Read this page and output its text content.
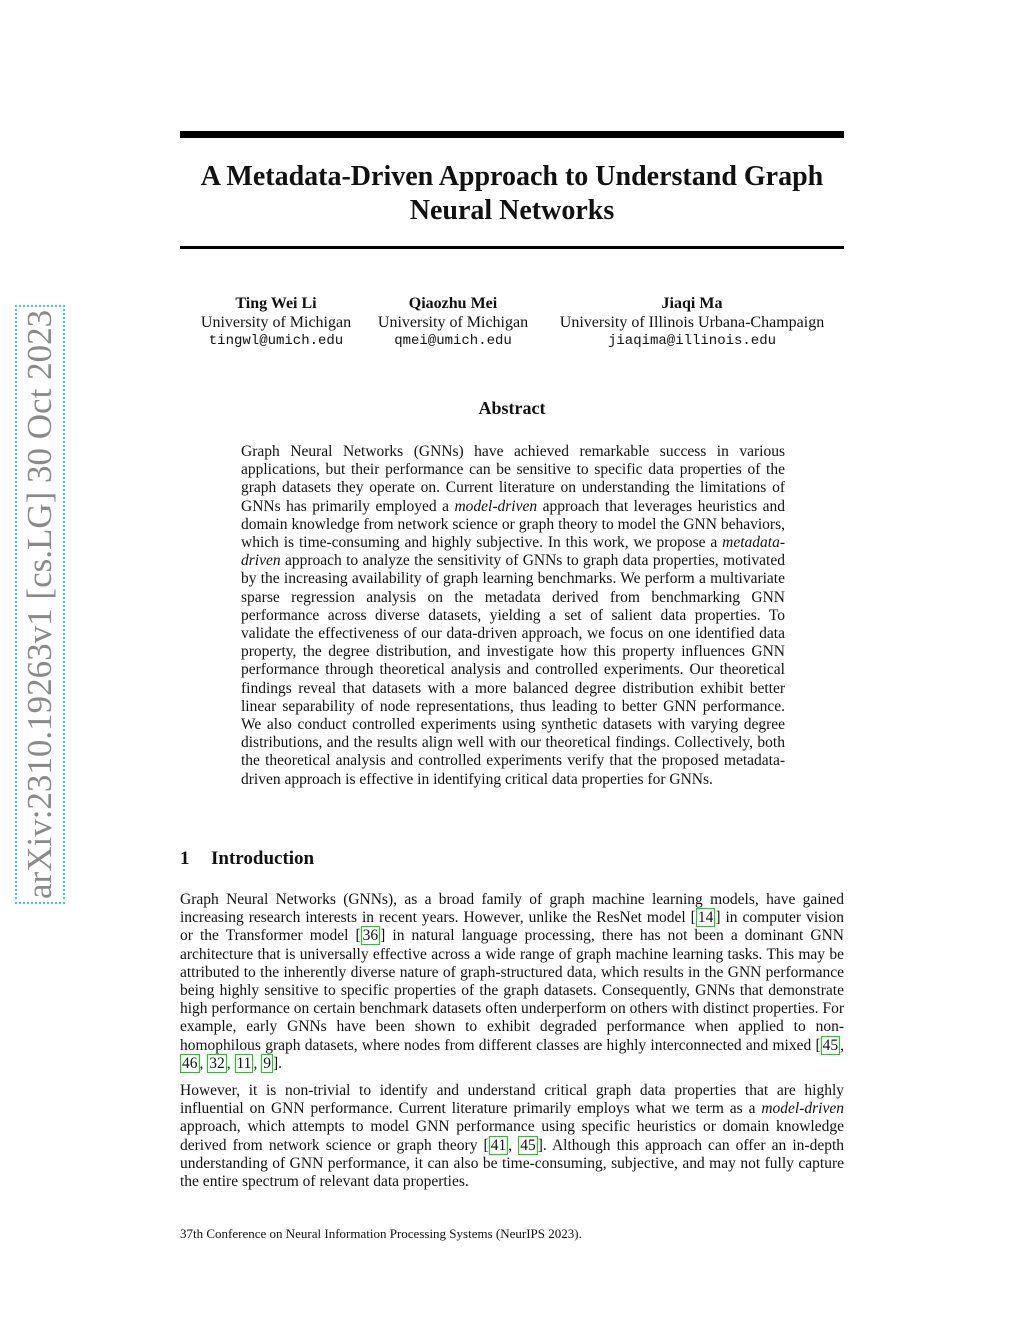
arXiv:2310.19263v1 [cs.LG] 30 Oct 2023
A Metadata-Driven Approach to Understand Graph Neural Networks
Ting Wei Li
University of Michigan
tingwl@umich.edu
Qiaozhu Mei
University of Michigan
qmei@umich.edu
Jiaqi Ma
University of Illinois Urbana-Champaign
jiaqima@illinois.edu
Abstract

Graph Neural Networks (GNNs) have achieved remarkable success in various applications, but their performance can be sensitive to specific data properties of the graph datasets they operate on. Current literature on understanding the limitations of GNNs has primarily employed a model-driven approach that leverages heuristics and domain knowledge from network science or graph theory to model the GNN behaviors, which is time-consuming and highly subjective. In this work, we propose a metadata-driven approach to analyze the sensitivity of GNNs to graph data properties, motivated by the increasing availability of graph learning benchmarks. We perform a multivariate sparse regression analysis on the metadata derived from benchmarking GNN performance across diverse datasets, yielding a set of salient data properties. To validate the effectiveness of our data-driven approach, we focus on one identified data property, the degree distribution, and investigate how this property influences GNN performance through theoretical analysis and controlled experiments. Our theoretical findings reveal that datasets with a more balanced degree distribution exhibit better linear separability of node representations, thus leading to better GNN performance. We also conduct controlled experiments using synthetic datasets with varying degree distributions, and the results align well with our theoretical findings. Collectively, both the theoretical analysis and controlled experiments verify that the proposed metadata-driven approach is effective in identifying critical data properties for GNNs.

1 Introduction

Graph Neural Networks (GNNs), as a broad family of graph machine learning models, have gained increasing research interests in recent years. However, unlike the ResNet model [ 14 ] in computer vision or the Transformer model [ 36 ] in natural language processing, there has not been a dominant GNN architecture that is universally effective across a wide range of graph machine learning tasks. This may be attributed to the inherently diverse nature of graph-structured data, which results in the GNN performance being highly sensitive to specific properties of the graph datasets. Consequently, GNNs that demonstrate high performance on certain benchmark datasets often underperform on others with distinct properties. For example, early GNNs have been shown to exhibit degraded performance when applied to non-homophilous graph datasets, where nodes from different classes are highly interconnected and mixed [ 45 , 46 , 32 , 11 , 9 ].

However, it is non-trivial to identify and understand critical graph data properties that are highly influential on GNN performance. Current literature primarily employs what we term as a model-driven approach, which attempts to model GNN performance using specific heuristics or domain knowledge derived from network science or graph theory [ 41 , 45 ]. Although this approach can offer an in-depth understanding of GNN performance, it can also be time-consuming, subjective, and may not fully capture the entire spectrum of relevant data properties.

37th Conference on Neural Information Processing Systems (NeurIPS 2023).
